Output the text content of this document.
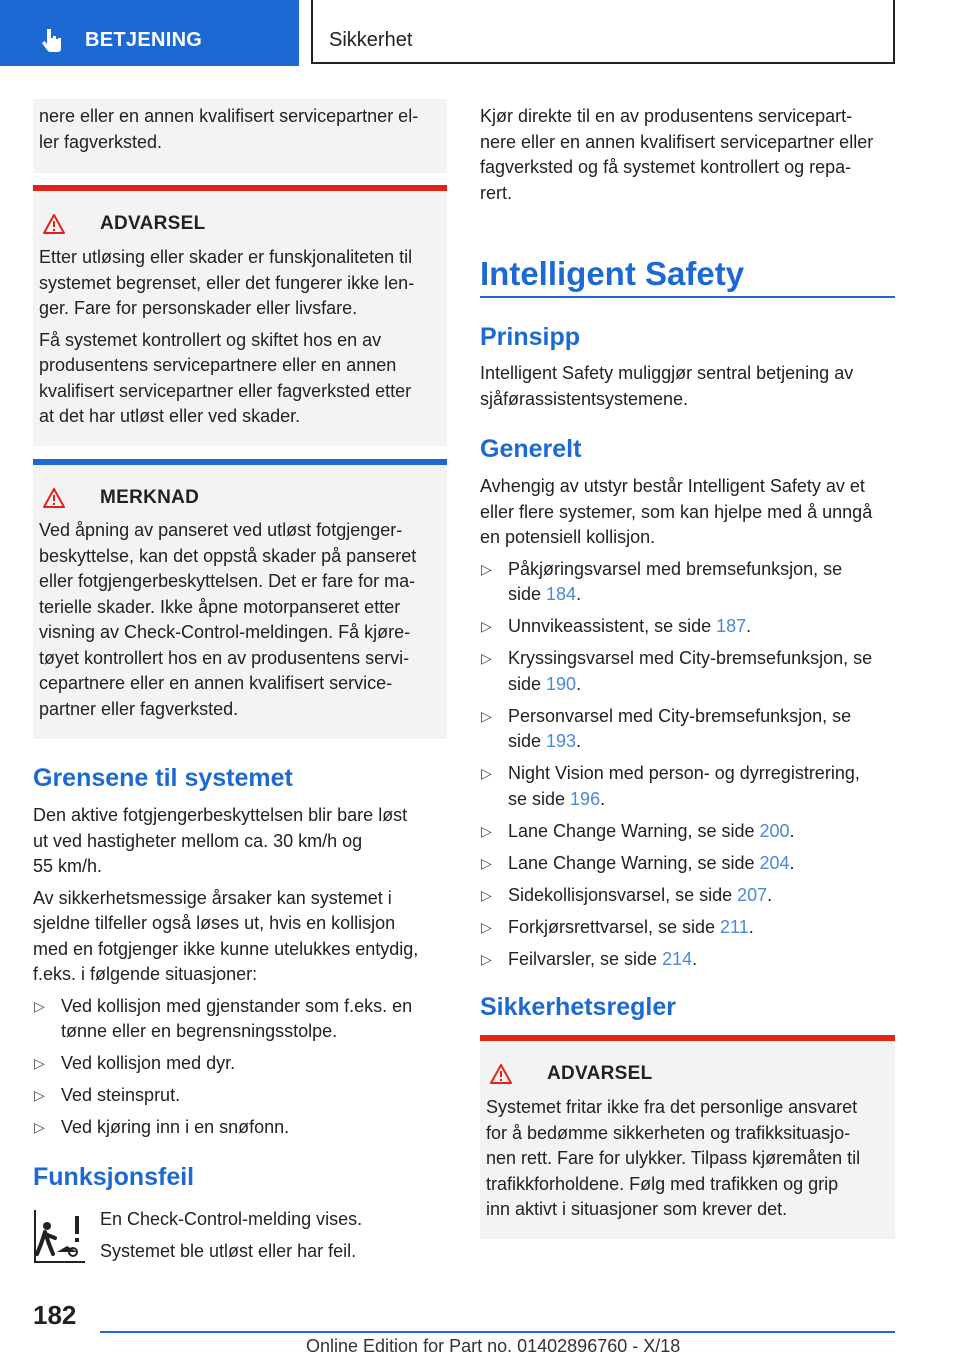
BETJENING	Sikkerhet

nere eller en annen kvalifisert servicepartner el-

ler fagverksted.

ADVARSEL

Etter utløsing eller skader er funskjonaliteten til

systemet begrenset, eller det fungerer ikke len-

ger. Fare for personskader eller livsfare.

Få systemet kontrollert og skiftet hos en av

produsentens servicepartnere eller en annen

kvalifisert servicepartner eller fagverksted etter

at det har utløst eller ved skader.

MERKNAD

Ved åpning av panseret ved utløst fotgjenger-

beskyttelse, kan det oppstå skader på panseret

eller fotgjengerbeskyttelsen. Det er fare for ma-

terielle skader. Ikke åpne motorpanseret etter

visning av Check-Control-meldingen. Få kjøre-

tøyet kontrollert hos en av produsentens servi-

cepartnere eller en annen kvalifisert service-

partner eller fagverksted.

Grensene til systemet

Den aktive fotgjengerbeskyttelsen blir bare løst

ut ved hastigheter mellom ca. 30 km/h og

55 km/h.

Av sikkerhetsmessige årsaker kan systemet i

sjeldne tilfeller også løses ut, hvis en kollisjon

med en fotgjenger ikke kunne utelukkes entydig,

f.eks. i følgende situasjoner:

▷ Ved kollisjon med gjenstander som f.eks. en
tønne eller en begrensningsstolpe.
▷ Ved kollisjon med dyr.
▷ Ved steinsprut.
▷ Ved kjøring inn i en snøfonn.
Funksjonsfeil

En Check-Control-melding vises.

Systemet ble utløst eller har feil.

Kjør direkte til en av produsentens servicepart-

nere eller en annen kvalifisert servicepartner eller

fagverksted og få systemet kontrollert og repa-

rert.

Intelligent Safety
Prinsipp

Intelligent Safety muliggjør sentral betjening av

sjåførassistentsystemene.

Generelt

Avhengig av utstyr består Intelligent Safety av et

eller flere systemer, som kan hjelpe med å unngå

en potensiell kollisjon.

▷ Påkjøringsvarsel med bremsefunksjon, se
side 184.
▷ Unnvikeassistent, se side 187.
▷ Kryssingsvarsel med City-bremsefunksjon, se
side 190.
▷ Personvarsel med City-bremsefunksjon, se
side 193.
▷ Night Vision med person- og dyrregistrering,
se side 196.
▷ Lane Change Warning, se side 200.
▷ Lane Change Warning, se side 204.
▷ Sidekollisjonsvarsel, se side 207.
▷ Forkjørsrettvarsel, se side 211.
▷ Feilvarsler, se side 214.
Sikkerhetsregler
ADVARSEL

Systemet fritar ikke fra det personlige ansvaret

for å bedømme sikkerheten og trafikksituasjo-

nen rett. Fare for ulykker. Tilpass kjøremåten til

trafikkforholdene. Følg med trafikken og grip

inn aktivt i situasjoner som krever det.

182
Online Edition for Part no. 01402896760 - X/18
